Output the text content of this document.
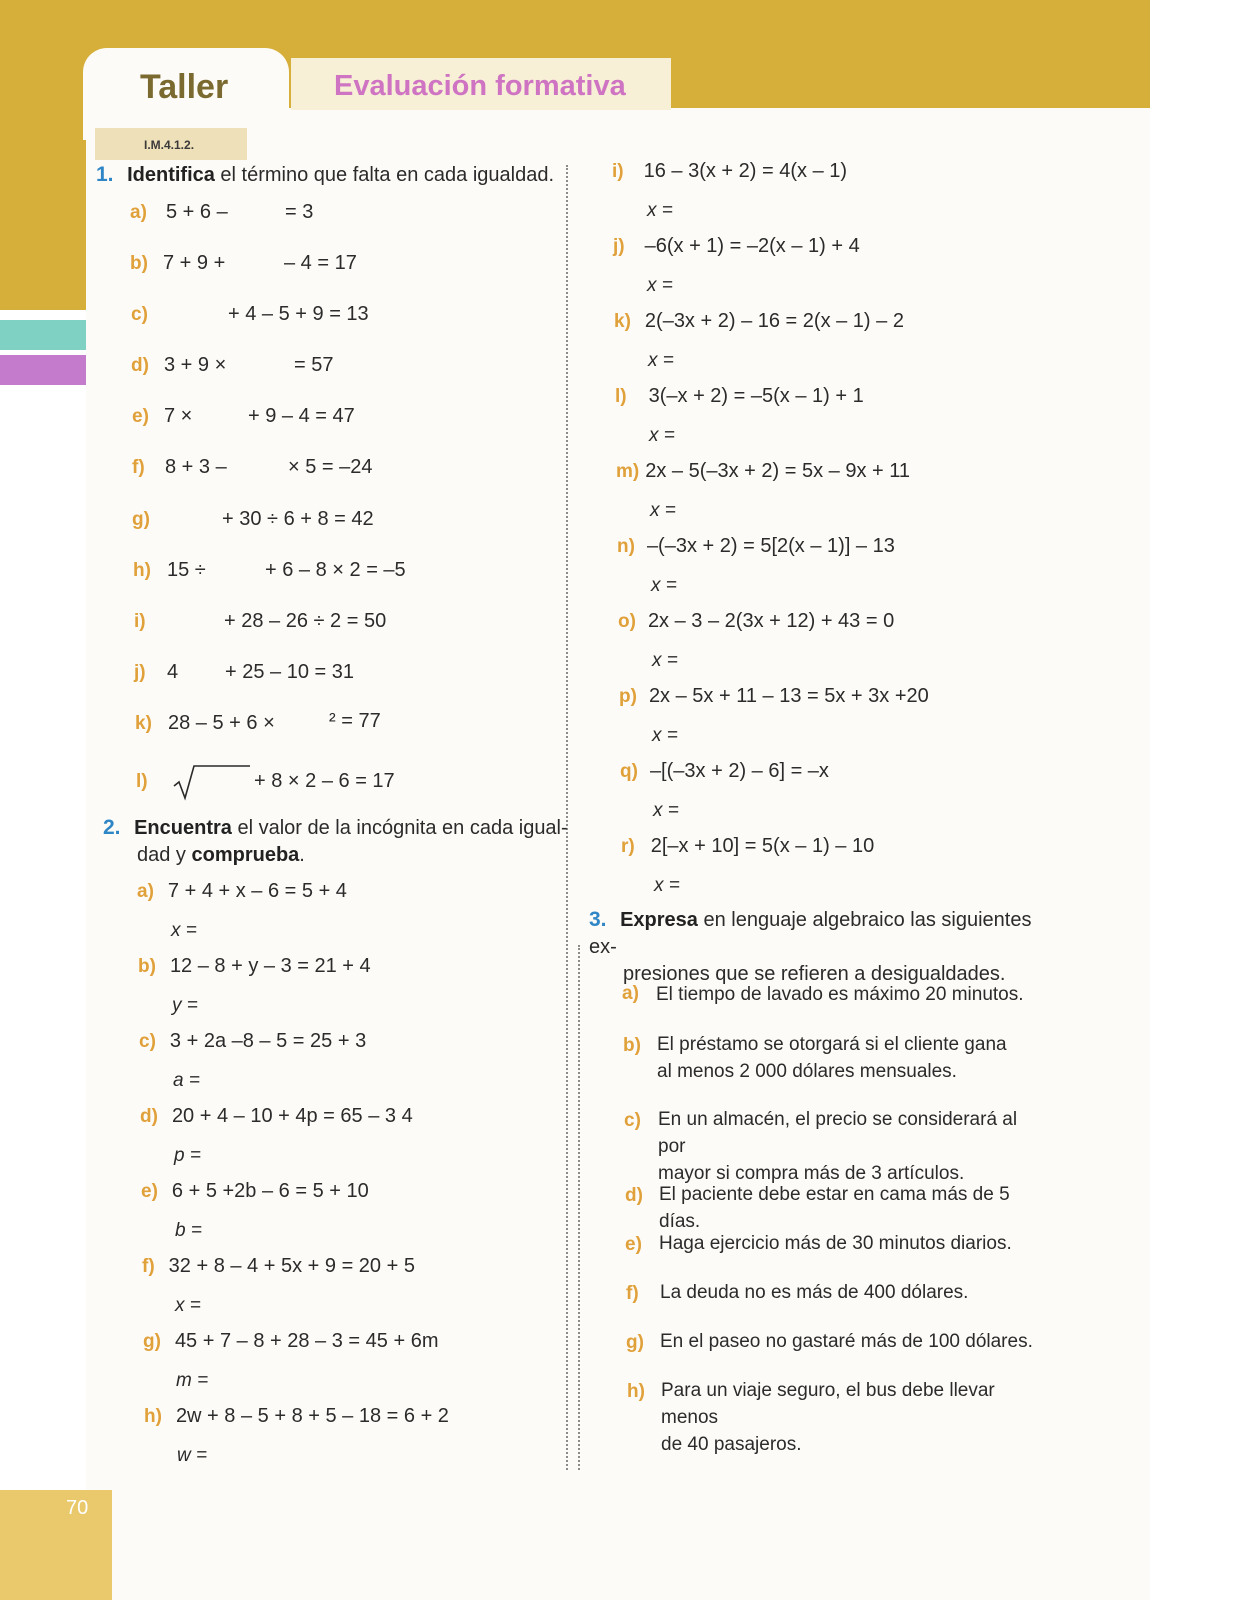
Taller	Evaluación formativa
I.M.4.1.2.
70
1. Identifica el término que falta en cada igualdad.
a) 5 + 6 –	= 3
b) 7 + 9 +	– 4 = 17
c)	+ 4 – 5 + 9 = 13
d) 3 + 9 ×	= 57
e) 7 ×	+ 9 – 4 = 47
f) 8 + 3 –	× 5 = –24
g)	+ 30 ÷ 6 + 8 = 42
h) 15 ÷	+ 6 – 8 × 2 = –5
i)	+ 28 – 26 ÷ 2 = 50
j) 4 + 25 – 10 = 31
k) 28 – 5 + 6 ×	² = 77
l)	+ 8 × 2 – 6 = 17
2. Encuentra el valor de la incógnita en cada igual-
dad y comprueba.
a) 7 + 4 + x – 6 = 5 + 4
x =
b) 12 – 8 + y – 3 = 21 + 4
y =
c) 3 + 2a –8 – 5 = 25 + 3
a =
d) 20 + 4 – 10 + 4p = 65 – 3 4
p =
e) 6 + 5 +2b – 6 = 5 + 10
b =
f) 32 + 8 – 4 + 5x + 9 = 20 + 5
x =
g) 45 + 7 – 8 + 28 – 3 = 45 + 6m
m =
h) 2w + 8 – 5 + 8 + 5 – 18 = 6 + 2
w =
i) 16 – 3(x + 2) = 4(x – 1)
x =
j) –6(x + 1) = –2(x – 1) + 4
x =
k) 2(–3x + 2) – 16 = 2(x – 1) – 2
x =
l) 3(–x + 2) = –5(x – 1) + 1
x =
m) 2x – 5(–3x + 2) = 5x – 9x + 11
x =
n) –(–3x + 2) = 5[2(x – 1)] – 13
x =
o) 2x – 3 – 2(3x + 12) + 43 = 0
x =
p) 2x – 5x + 11 – 13 = 5x + 3x +20
x =
q) –[(–3x + 2) – 6] = –x
x =
r) 2[–x + 10] = 5(x – 1) – 10
x =
3. Expresa en lenguaje algebraico las siguientes ex-
presiones que se refieren a desigualdades.
a) El tiempo de lavado es máximo 20 minutos.
b) El préstamo se otorgará si el cliente gana
al menos 2 000 dólares mensuales.
c) En un almacén, el precio se considerará al por
mayor si compra más de 3 artículos.
d) El paciente debe estar en cama más de 5 días.
e) Haga ejercicio más de 30 minutos diarios.
f) La deuda no es más de 400 dólares.
g) En el paseo no gastaré más de 100 dólares.
h) Para un viaje seguro, el bus debe llevar menos
de 40 pasajeros.
